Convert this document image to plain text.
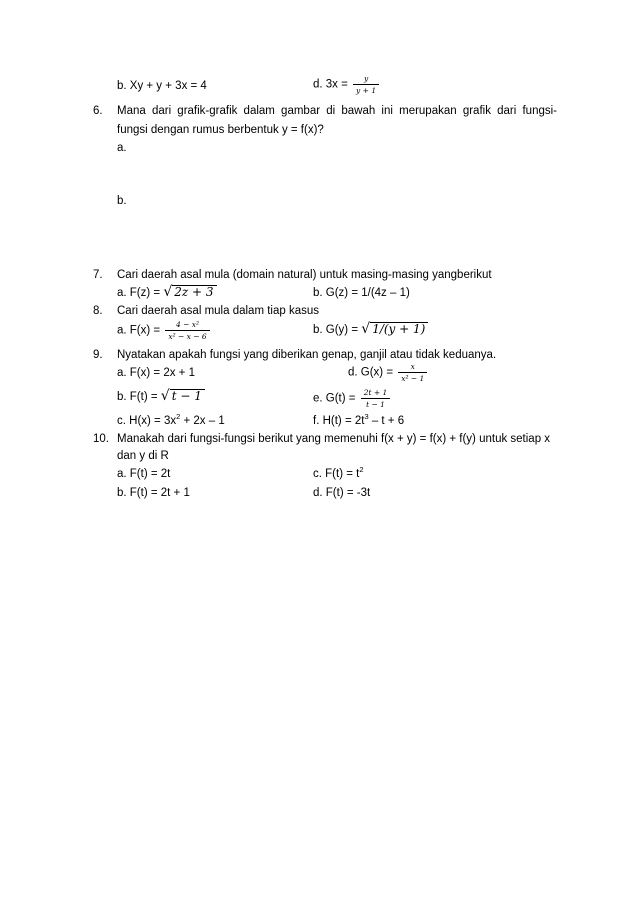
b. Xy + y + 3x = 4	d. $3x = \frac{y}{y + 1}$
6. Mana dari grafik-grafik dalam gambar di bawah ini merupakan grafik dari fungsi-
fungsi dengan rumus berbentuk y = f(x)?
a.
b.
7. Cari daerah asal mula (domain natural) untuk masing-masing yangberikut
a. F(z) = √ 2z + 3	b. G(z) = 1/(4z – 1)
8. Cari daerah asal mula dalam tiap kasus
a. $F(x) = \frac{\text{4 − x²}}{\text{x² − x − 6}}$	b. G(y) = √ 1/(y + 1)
9. Nyatakan apakah fungsi yang diberikan genap, ganjil atau tidak keduanya.
a. F(x) = 2x + 1	d. $G(x) = \frac{x}{\text{x² − 1}}$
b. F(t) = √ t − 1	e. $G(t) = \frac{2t + 1}{t - 1}$
c. $H(x) = 3x^2 + 2x - 1$	f. $H(t) = 2t^3 - t + 6$
10. Manakah dari fungsi-fungsi berikut yang memenuhi f(x + y) = f(x) + f(y) untuk setiap x
dan y di R
a. F(t) = 2t	c. $F(t) = t^2$
b. F(t) = 2t + 1	d. F(t) = -3t
